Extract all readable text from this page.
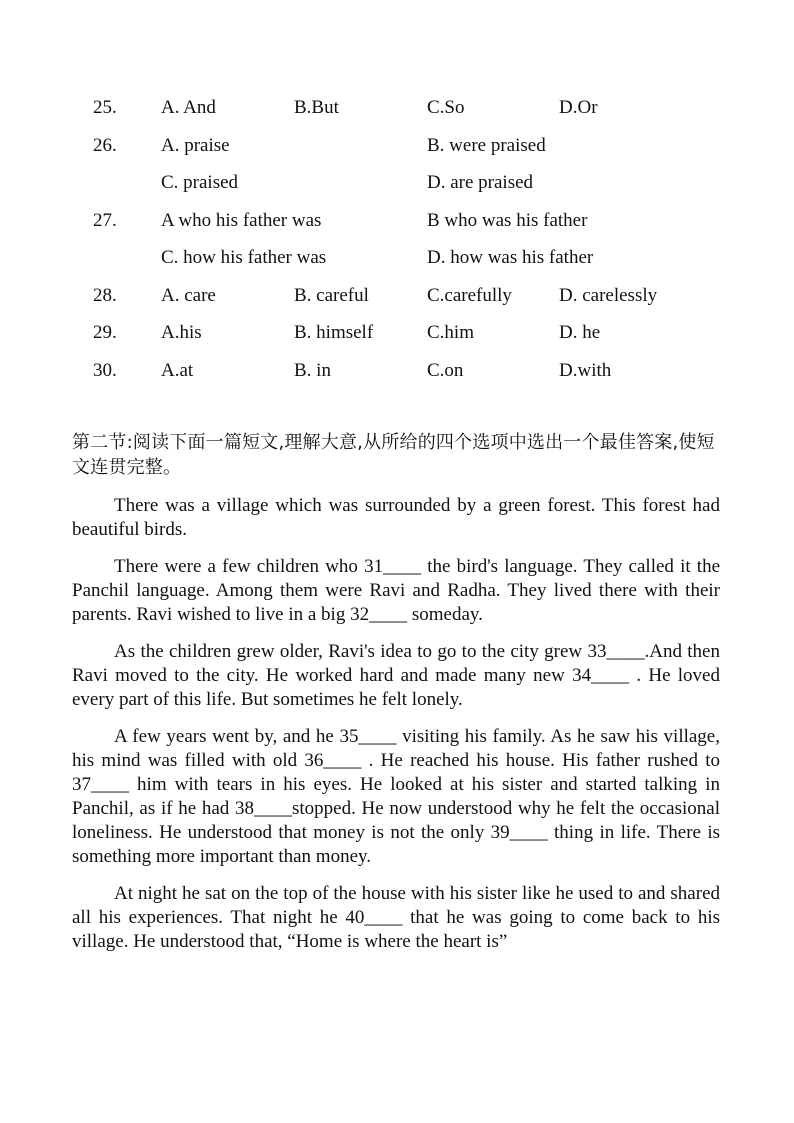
25. A. And	B.But	C.So	D.Or
26. A. praise	B. were praised
C. praised	D. are praised
27. A who his father was	B who was his father
C. how his father was	D. how was his father
28. A. care	B. careful	C.carefully D. carelessly
29. A.his	B. himself	C.him	D. he
30. A.at	B. in	C.on	D.with
第二节:阅读下面一篇短文,理解大意,从所给的四个选项中选出一个最佳答案,使短文连贯完整。

There was a village which was surrounded by a green forest. This forest had beautiful birds.

There were a few children who 31____ the bird's language. They called it the Panchil language. Among them were Ravi and Radha. They lived there with their parents. Ravi wished to live in a big 32____ someday.

As the children grew older, Ravi's idea to go to the city grew 33____.And then Ravi moved to the city. He worked hard and made many new 34____ . He loved every part of this life. But sometimes he felt lonely.

A few years went by, and he 35____ visiting his family. As he saw his village, his mind was filled with old 36____ . He reached his house. His father rushed to 37____ him with tears in his eyes. He looked at his sister and started talking in Panchil, as if he had 38____stopped. He now understood why he felt the occasional loneliness. He understood that money is not the only 39____ thing in life. There is something more important than money.

At night he sat on the top of the house with his sister like he used to and shared all his experiences. That night he 40____ that he was going to come back to his village. He understood that, “Home is where the heart is”
